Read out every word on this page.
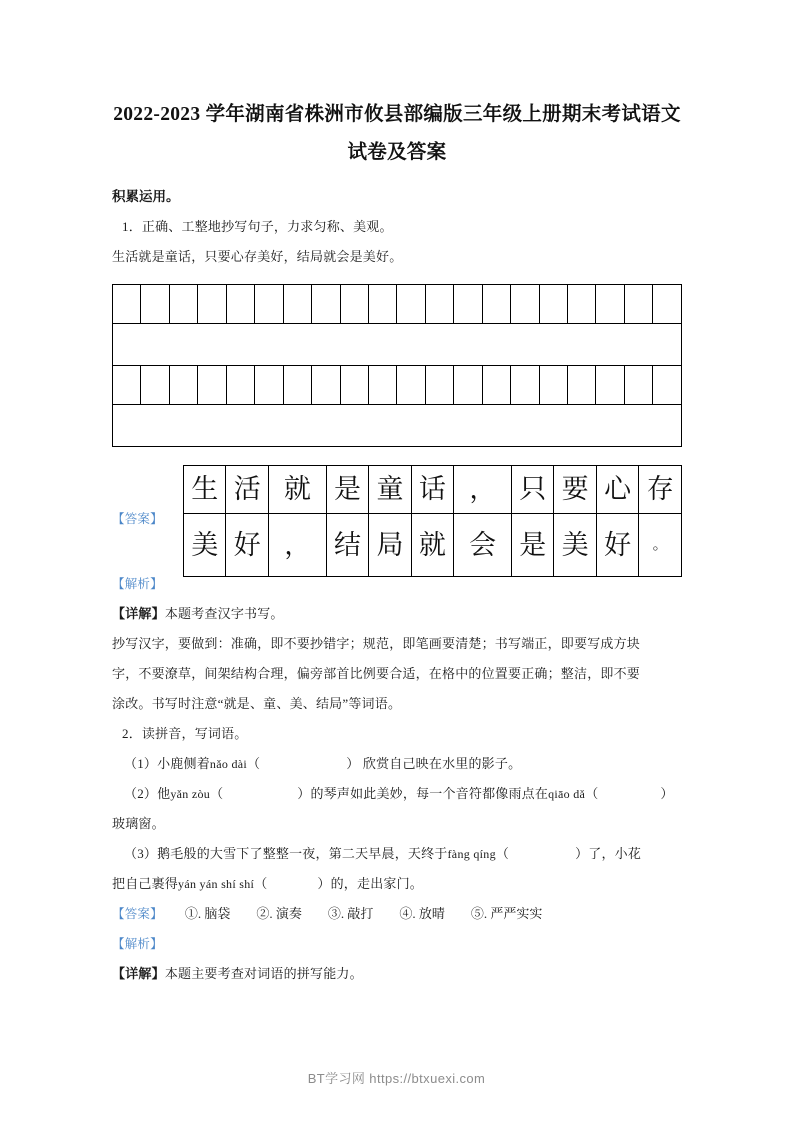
2022-2023 学年湖南省株洲市攸县部编版三年级上册期末考试语文试卷及答案
积累运用。

1．正确、工整地抄写句子，力求匀称、美观。

生活就是童话，只要心存美好，结局就会是美好。

【答案】
生	活	就	是	童	话	，	只	要	心	存
美	好	，	结	局	就	会	是	美	好	。
【解析】

【详解】本题考查汉字书写。

抄写汉字，要做到：准确，即不要抄错字；规范，即笔画要清楚；书写端正，即要写成方块

字，不要潦草，间架结构合理，偏旁部首比例要合适，在格中的位置要正确；整洁，即不要

涂改。书写时注意“就是、童、美、结局”等词语。

2．读拼音，写词语。

（1）小鹿侧着nǎo dài（	） 欣赏自己映在水里的影子。

（2）他yǎn zòu（	）的琴声如此美妙，每一个音符都像雨点在qiāo dǎ（	）

玻璃窗。

（3）鹅毛般的大雪下了整整一夜，第二天早晨，天终于fàng qíng（	）了，小花

把自己裹得yán yán shí shí（	）的，走出家门。

【答案】 ①. 脑袋 ②. 演奏 ③. 敲打 ④. 放晴 ⑤. 严严实实
【解析】

【详解】本题主要考查对词语的拼写能力。

BT学习网 https://btxuexi.com
